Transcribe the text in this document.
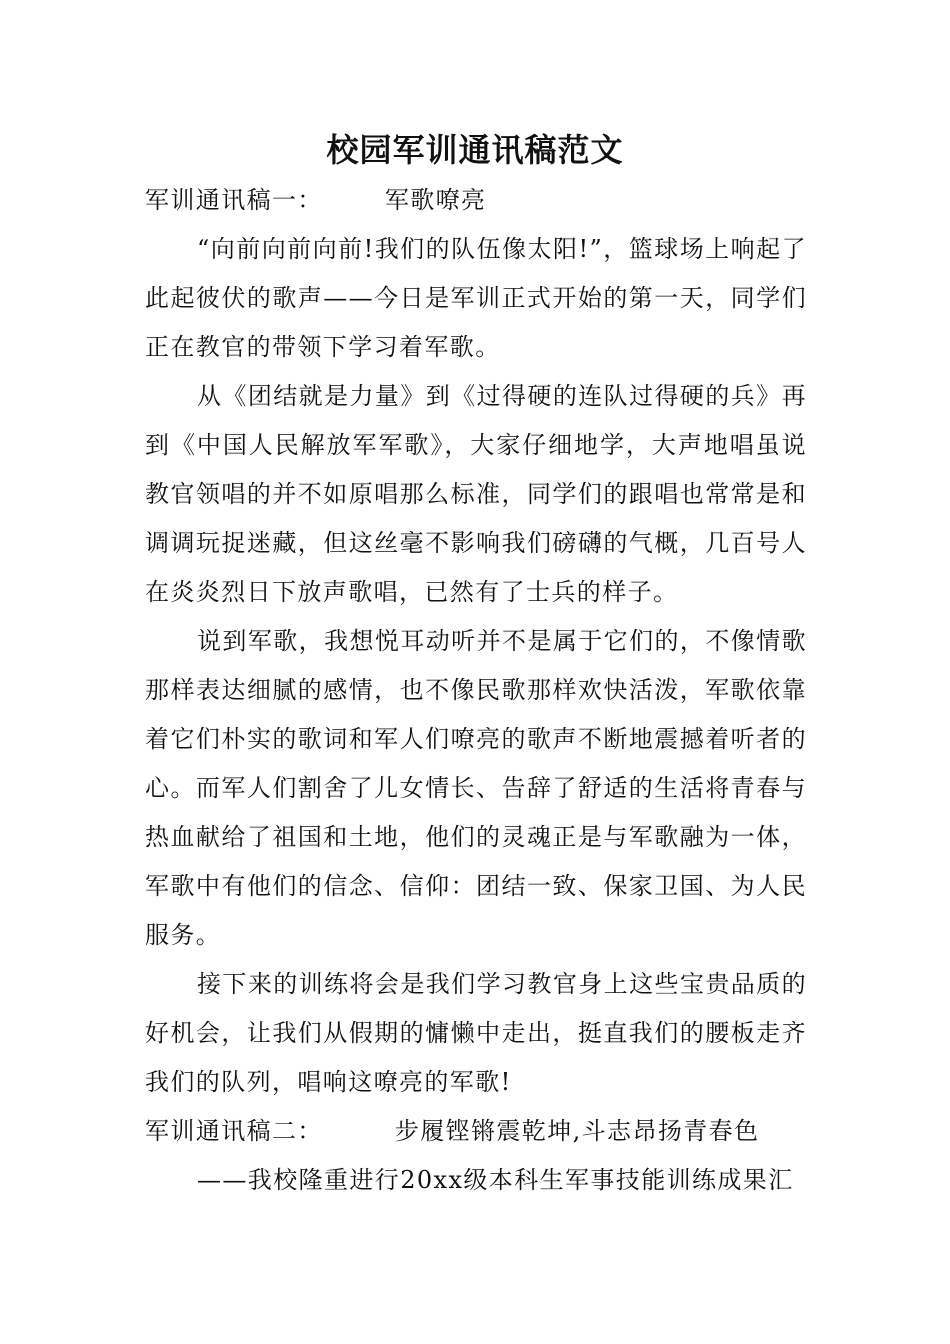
校园军训通讯稿范文

军训通讯稿一：	军歌嘹亮

“向前向前向前!我们的队伍像太阳!”，篮球场上响起了此起彼伏的歌声——今日是军训正式开始的第一天，同学们正在教官的带领下学习着军歌。

从《团结就是力量》到《过得硬的连队过得硬的兵》再到《中国人民解放军军歌》，大家仔细地学，大声地唱虽说教官领唱的并不如原唱那么标准，同学们的跟唱也常常是和调调玩捉迷藏，但这丝毫不影响我们磅礴的气概，几百号人在炎炎烈日下放声歌唱，已然有了士兵的样子。

说到军歌，我想悦耳动听并不是属于它们的，不像情歌那样表达细腻的感情，也不像民歌那样欢快活泼，军歌依靠着它们朴实的歌词和军人们嘹亮的歌声不断地震撼着听者的心。而军人们割舍了儿女情长、告辞了舒适的生活将青春与热血献给了祖国和土地，他们的灵魂正是与军歌融为一体，军歌中有他们的信念、信仰：团结一致、保家卫国、为人民服务。

接下来的训练将会是我们学习教官身上这些宝贵品质的好机会，让我们从假期的慵懒中走出，挺直我们的腰板走齐我们的队列，唱响这嘹亮的军歌!

军训通讯稿二：	步履铿锵震乾坤,斗志昂扬青春色

——我校隆重进行20xx级本科生军事技能训练成果汇
